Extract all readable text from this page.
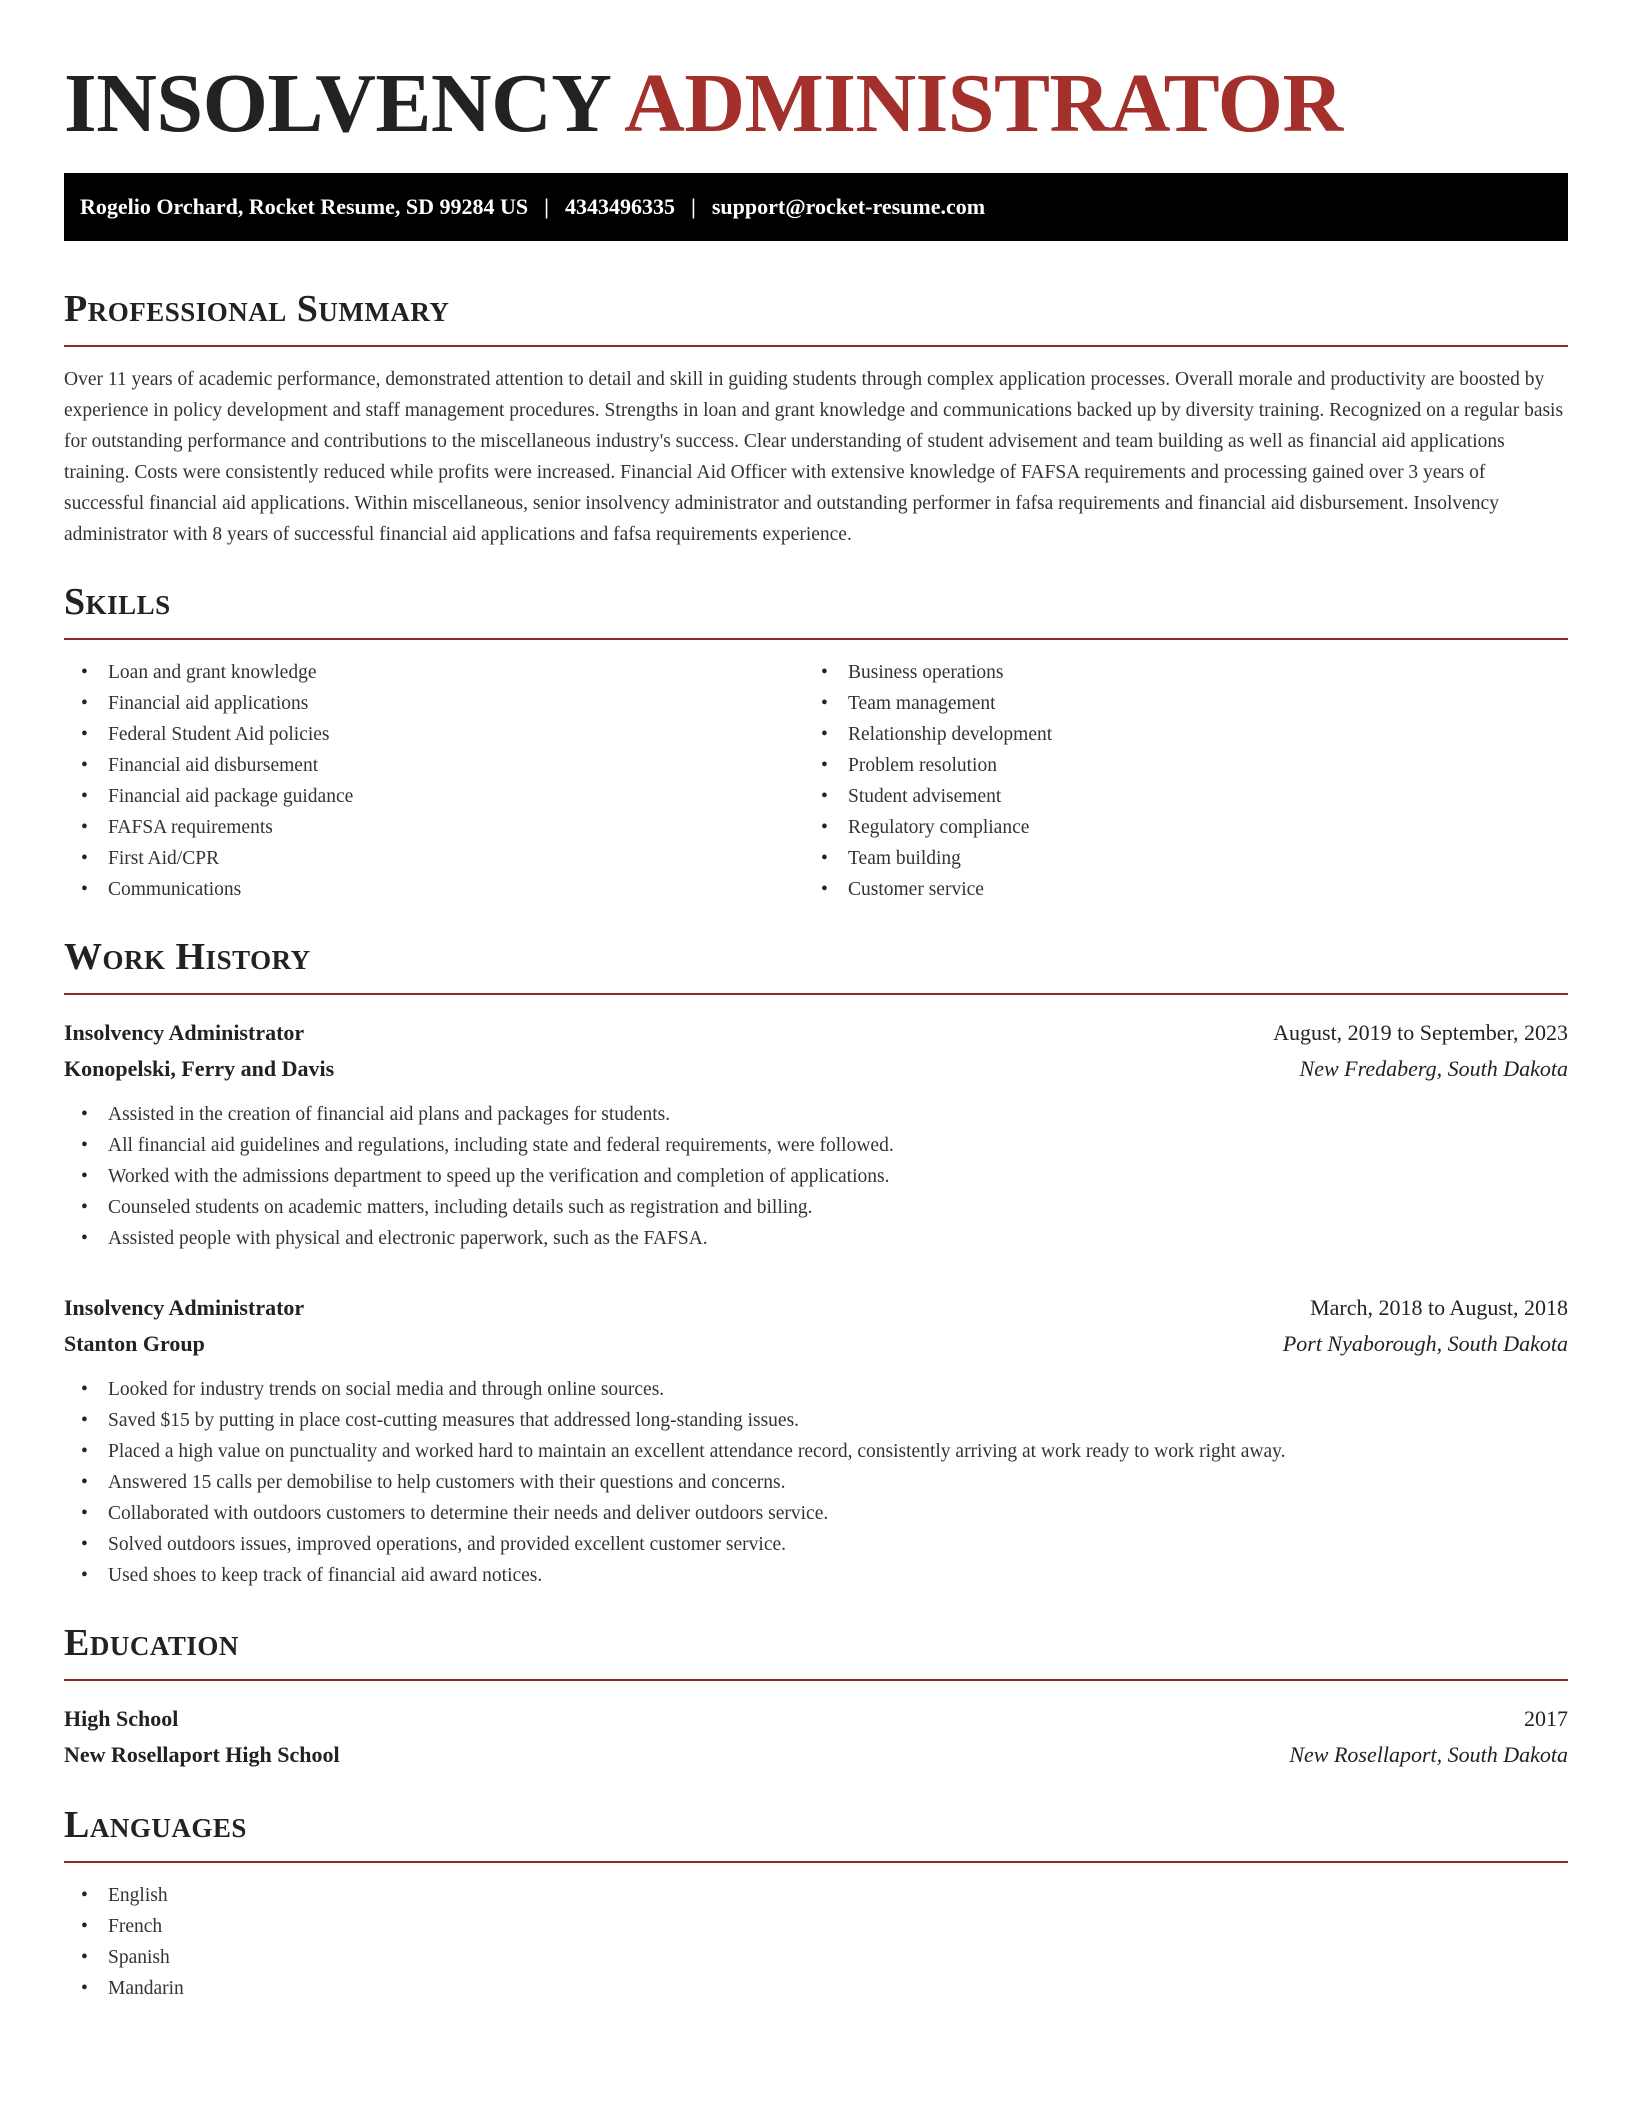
INSOLVENCY ADMINISTRATOR
Rogelio Orchard, Rocket Resume, SD 99284 US | 4343496335 | support@rocket-resume.com
Professional Summary

Over 11 years of academic performance, demonstrated attention to detail and skill in guiding students through complex application processes. Overall morale and productivity are boosted by experience in policy development and staff management procedures. Strengths in loan and grant knowledge and communications backed up by diversity training. Recognized on a regular basis for outstanding performance and contributions to the miscellaneous industry's success. Clear understanding of student advisement and team building as well as financial aid applications training. Costs were consistently reduced while profits were increased. Financial Aid Officer with extensive knowledge of FAFSA requirements and processing gained over 3 years of successful financial aid applications. Within miscellaneous, senior insolvency administrator and outstanding performer in fafsa requirements and financial aid disbursement. Insolvency administrator with 8 years of successful financial aid applications and fafsa requirements experience.

Skills
• Loan and grant knowledge
• Financial aid applications
• Federal Student Aid policies
• Financial aid disbursement
• Financial aid package guidance
• FAFSA requirements
• First Aid/CPR
• Communications
• Business operations
• Team management
• Relationship development
• Problem resolution
• Student advisement
• Regulatory compliance
• Team building
• Customer service
Work History
Insolvency Administrator	August, 2019 to September, 2023
Konopelski, Ferry and Davis	New Fredaberg, South Dakota
• Assisted in the creation of financial aid plans and packages for students.
• All financial aid guidelines and regulations, including state and federal requirements, were followed.
• Worked with the admissions department to speed up the verification and completion of applications.
• Counseled students on academic matters, including details such as registration and billing.
• Assisted people with physical and electronic paperwork, such as the FAFSA.
Insolvency Administrator	March, 2018 to August, 2018
Stanton Group	Port Nyaborough, South Dakota
• Looked for industry trends on social media and through online sources.
• Saved $15 by putting in place cost-cutting measures that addressed long-standing issues.
• Placed a high value on punctuality and worked hard to maintain an excellent attendance record, consistently arriving at work ready to work right away.
• Answered 15 calls per demobilise to help customers with their questions and concerns.
• Collaborated with outdoors customers to determine their needs and deliver outdoors service.
• Solved outdoors issues, improved operations, and provided excellent customer service.
• Used shoes to keep track of financial aid award notices.
Education
High School	2017
New Rosellaport High School	New Rosellaport, South Dakota
Languages
• English
• French
• Spanish
• Mandarin
